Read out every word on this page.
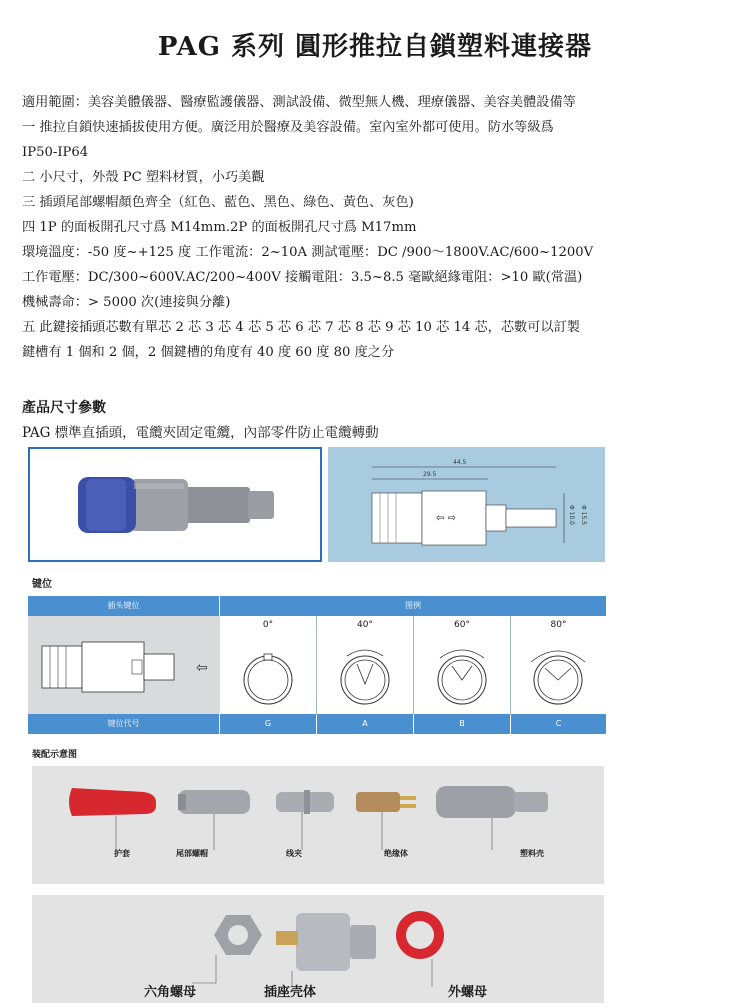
PAG 系列 圓形推拉自鎖塑料連接器
適用範圍：美容美體儀器、醫療監護儀器、測試設備、微型無人機、理療儀器、美容美體設備等
一 推拉自鎖快速插拔使用方便。廣泛用於醫療及美容設備。室內室外都可使用。防水等級爲
IP50-IP64
二 小尺寸，外殼 PC 塑料材質，小巧美觀
三 插頭尾部螺帽顏色齊全（紅色、藍色、黑色、綠色、黃色、灰色)
四 1P 的面板開孔尺寸爲 M14mm.2P 的面板開孔尺寸爲 M17mm
環境溫度：-50 度~+125 度 工作電流：2~10A 測試電壓：DC /900～1800V.AC/600~1200V
工作電壓：DC/300~600V.AC/200~400V 接觸電阻：3.5~8.5 毫歐絕緣電阻：>10 歐(常溫)
機械壽命：> 5000 次(連接與分離)
五 此鍵接插頭芯數有單芯 2 芯 3 芯 4 芯 5 芯 6 芯 7 芯 8 芯 9 芯 10 芯 14 芯，芯數可以訂製
鍵槽有 1 個和 2 個，2 個鍵槽的角度有 40 度 60 度 80 度之分
產品尺寸參數
PAG 標準直插頭，電纜夾固定電纜，內部零件防止電纜轉動
⇦ ⇨
44.5
29.5
Φ 10.0 Φ 15.5
键位
插头键位	图例
⇦
0°	40°	60°	80°
键位代号	G	A	B	C
装配示意图
护套	尾部螺帽	线夹	绝缘体	塑料壳
六角螺母	插座壳体	外螺母
